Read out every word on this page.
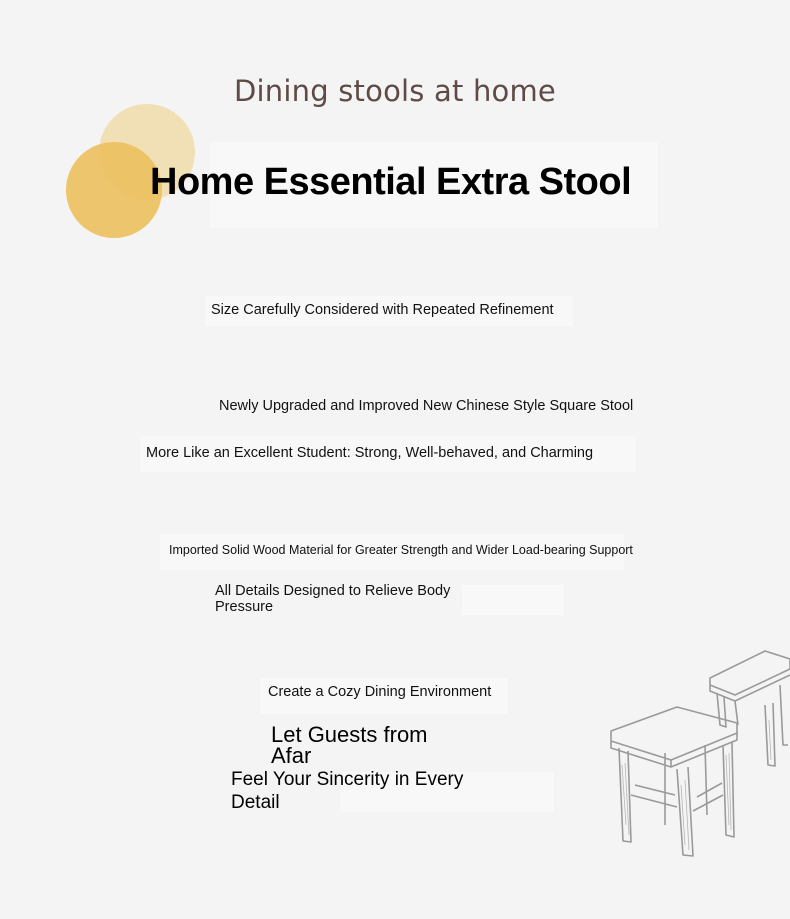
Dining stools at home
Home Essential Extra Stool
Size Carefully Considered with Repeated Refinement
Newly Upgraded and Improved New Chinese Style Square Stool
More Like an Excellent Student: Strong, Well-behaved, and Charming
Imported Solid Wood Material for Greater Strength and Wider Load-bearing Support
All Details Designed to Relieve Body Pressure
Create a Cozy Dining Environment
Let Guests from Afar
Feel Your Sincerity in Every Detail
